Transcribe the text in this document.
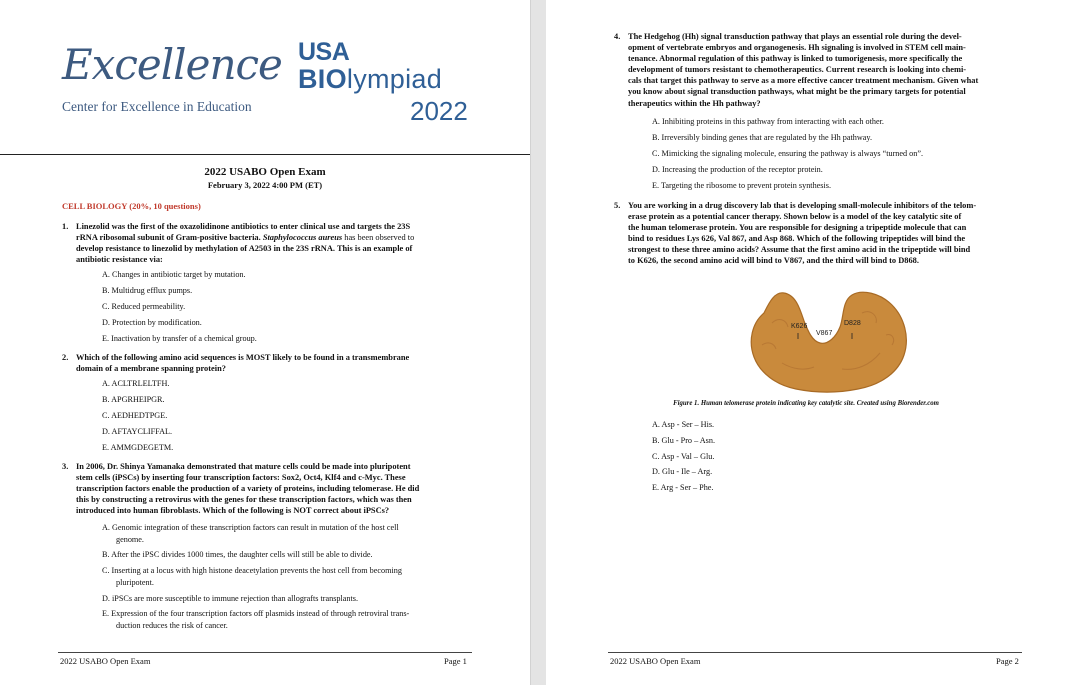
Excellence
Center for Excellence in Education
USA
BIOlympiad
2022
2022 USABO Open Exam
February 3, 2022 4:00 PM (ET)
CELL BIOLOGY (20%, 10 questions)
1. Linezolid was the first of the oxazolidinone antibiotics to enter clinical use and targets the 23S
rRNA ribosomal subunit of Gram-positive bacteria. Staphylococcus aureus has been observed to
develop resistance to linezolid by methylation of A2503 in the 23S rRNA. This is an example of
antibiotic resistance via:
A. Changes in antibiotic target by mutation.
B. Multidrug efflux pumps.
C. Reduced permeability.
D. Protection by modification.
E. Inactivation by transfer of a chemical group.
2. Which of the following amino acid sequences is MOST likely to be found in a transmembrane
domain of a membrane spanning protein?
A. ACLTRLELTFH.
B. APGRHEIPGR.
C. AEDHEDTPGE.
D. AFTAYCLIFFAL.
E. AMMGDEGETM.
3. In 2006, Dr. Shinya Yamanaka demonstrated that mature cells could be made into pluripotent
stem cells (iPSCs) by inserting four transcription factors: Sox2, Oct4, Klf4 and c-Myc. These
transcription factors enable the production of a variety of proteins, including telomerase. He did
this by constructing a retrovirus with the genes for these transcription factors, which was then
introduced into human fibroblasts. Which of the following is NOT correct about iPSCs?
A. Genomic integration of these transcription factors can result in mutation of the host cell
genome.
B. After the iPSC divides 1000 times, the daughter cells will still be able to divide.
C. Inserting at a locus with high histone deacetylation prevents the host cell from becoming
pluripotent.
D. iPSCs are more susceptible to immune rejection than allografts transplants.
E. Expression of the four transcription factors off plasmids instead of through retroviral trans-
duction reduces the risk of cancer.
2022 USABO Open Exam	Page 1
4. The Hedgehog (Hh) signal transduction pathway that plays an essential role during the devel-
opment of vertebrate embryos and organogenesis. Hh signaling is involved in STEM cell main-
tenance. Abnormal regulation of this pathway is linked to tumorigenesis, more specifically the
development of tumors resistant to chemotherapeutics. Current research is looking into chemi-
cals that target this pathway to serve as a more effective cancer treatment mechanism. Given what
you know about signal transduction pathways, what might be the primary targets for potential
therapeutics within the Hh pathway?
A. Inhibiting proteins in this pathway from interacting with each other.
B. Irreversibly binding genes that are regulated by the Hh pathway.
C. Mimicking the signaling molecule, ensuring the pathway is always “turned on”.
D. Increasing the production of the receptor protein.
E. Targeting the ribosome to prevent protein synthesis.
5. You are working in a drug discovery lab that is developing small-molecule inhibitors of the telom-
erase protein as a potential cancer therapy. Shown below is a model of the key catalytic site of
the human telomerase protein. You are responsible for designing a tripeptide molecule that can
bind to residues Lys 626, Val 867, and Asp 868. Which of the following tripeptides will bind the
strongest to these three amino acids? Assume that the first amino acid in the tripeptide will bind
to K626, the second amino acid will bind to V867, and the third will bind to D868.
K626
V867
D828
Figure 1. Human telomerase protein indicating key catalytic site. Created using Biorender.com
A. Asp - Ser – His.
B. Glu - Pro – Asn.
C. Asp - Val – Glu.
D. Glu - Ile – Arg.
E. Arg - Ser – Phe.
2022 USABO Open Exam	Page 2
